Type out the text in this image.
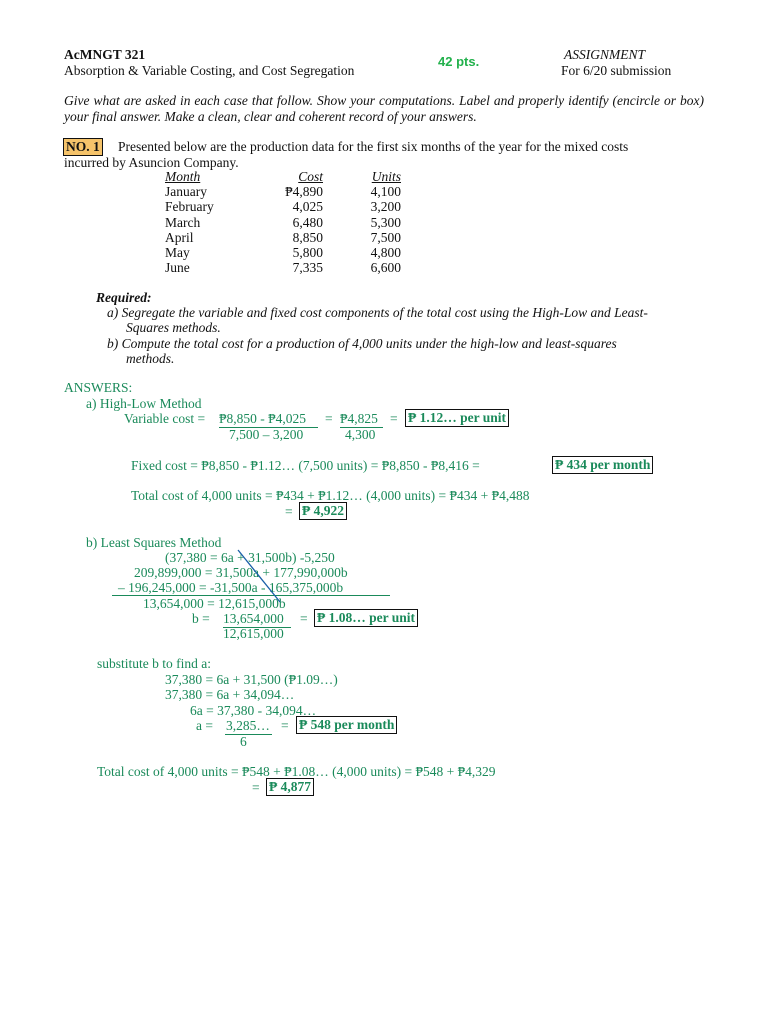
AcMNGT 321
Absorption & Variable Costing, and Cost Segregation
42 pts.	ASSIGNMENT
For 6/20 submission
Give what are asked in each case that follow. Show your computations. Label and properly identify (encircle or box) your final answer. Make a clean, clear and coherent record of your answers.
NO. 1 Presented below are the production data for the first six months of the year for the mixed costs
incurred by Asuncion Company.
Month	Cost	Units
January	₱4,890	4,100
February	4,025	3,200
March	6,480	5,300
April	8,850	7,500
May	5,800	4,800
June	7,335	6,600
Required:
a) Segregate the variable and fixed cost components of the total cost using the High-Low and Least-
Squares methods.
b) Compute the total cost for a production of 4,000 units under the high-low and least-squares
methods.
ANSWERS:
a) High-Low Method
Variable cost = ₱8,850 - ₱4,025 = ₱4,825 = ₱ 1.12… per unit
7,500 – 3,200	4,300
Fixed cost = ₱8,850 - ₱1.12… (7,500 units) = ₱8,850 - ₱8,416 =	₱ 434 per month
Total cost of 4,000 units = ₱434 + ₱1.12… (4,000 units) = ₱434 + ₱4,488
= ₱ 4,922
b) Least Squares Method
(37,380 = 6a + 31,500b) -5,250
209,899,000 = 31,500a + 177,990,000b
– 196,245,000 = -31,500a - 165,375,000b
13,654,000 = 12,615,000b
b = 13,654,000 = ₱ 1.08… per unit
12,615,000
substitute b to find a:
37,380 = 6a + 31,500 (₱1.09…)
37,380 = 6a + 34,094…
6a = 37,380 - 34,094…
a = 3,285… = ₱ 548 per month
6
Total cost of 4,000 units = ₱548 + ₱1.08… (4,000 units) = ₱548 + ₱4,329
= ₱ 4,877
